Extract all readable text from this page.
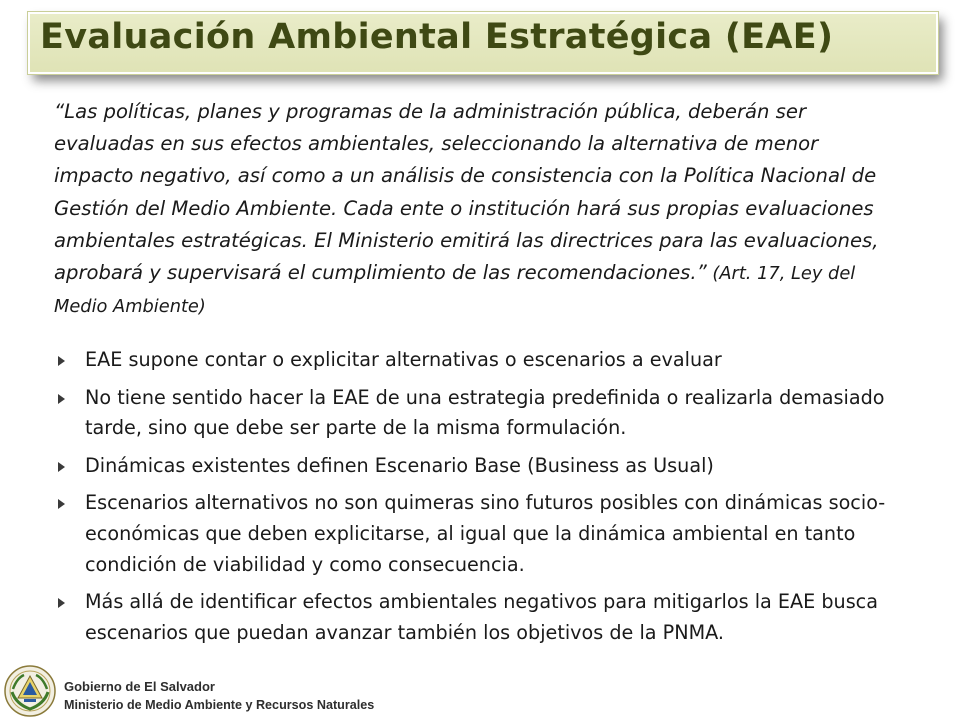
Evaluación Ambiental Estratégica (EAE)

“Las políticas, planes y programas de la administración pública, deberán ser evaluadas en sus efectos ambientales, seleccionando la alternativa de menor impacto negativo, así como a un análisis de consistencia con la Política Nacional de Gestión del Medio Ambiente. Cada ente o institución hará sus propias evaluaciones ambientales estratégicas. El Ministerio emitirá las directrices para las evaluaciones, aprobará y supervisará el cumplimiento de las recomendaciones.” (Art. 17, Ley del Medio Ambiente)

EAE supone contar o explicitar alternativas o escenarios a evaluar
No tiene sentido hacer la EAE de una estrategia predefinida o realizarla demasiado tarde, sino que debe ser parte de la misma formulación.
Dinámicas existentes definen Escenario Base (Business as Usual)
Escenarios alternativos no son quimeras sino futuros posibles con dinámicas socio-económicas que deben explicitarse, al igual que la dinámica ambiental en tanto condición de viabilidad y como consecuencia.
Más allá de identificar efectos ambientales negativos para mitigarlos la EAE busca escenarios que puedan avanzar también los objetivos de la PNMA.
Gobierno de El Salvador
Ministerio de Medio Ambiente y Recursos Naturales
